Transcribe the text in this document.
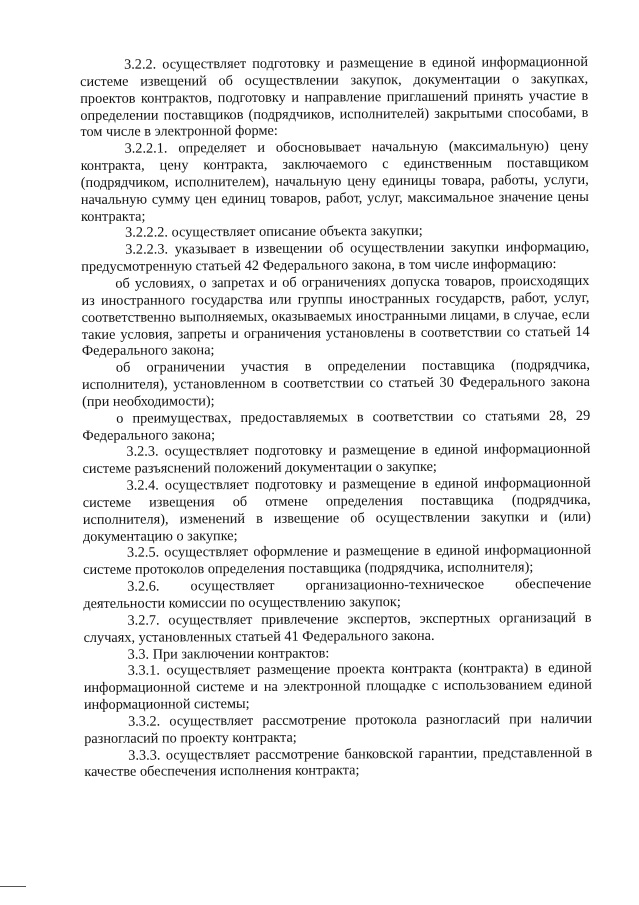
3.2.2. осуществляет подготовку и размещение в единой информационной системе извещений об осуществлении закупок, документации о закупках, проектов контрактов, подготовку и направление приглашений принять участие в определении поставщиков (подрядчиков, исполнителей) закрытыми способами, в том числе в электронной форме:

3.2.2.1. определяет и обосновывает начальную (максимальную) цену контракта, цену контракта, заключаемого с единственным поставщиком (подрядчиком, исполнителем), начальную цену единицы товара, работы, услуги, начальную сумму цен единиц товаров, работ, услуг, максимальное значение цены контракта;

3.2.2.2. осуществляет описание объекта закупки;

3.2.2.3. указывает в извещении об осуществлении закупки информацию, предусмотренную статьей 42 Федерального закона, в том числе информацию:

об условиях, о запретах и об ограничениях допуска товаров, происходящих из иностранного государства или группы иностранных государств, работ, услуг, соответственно выполняемых, оказываемых иностранными лицами, в случае, если такие условия, запреты и ограничения установлены в соответствии со статьей 14 Федерального закона;

об ограничении участия в определении поставщика (подрядчика, исполнителя), установленном в соответствии со статьей 30 Федерального закона (при необходимости);

о преимуществах, предоставляемых в соответствии со статьями 28, 29 Федерального закона;

3.2.3. осуществляет подготовку и размещение в единой информационной системе разъяснений положений документации о закупке;

3.2.4. осуществляет подготовку и размещение в единой информационной системе извещения об отмене определения поставщика (подрядчика, исполнителя), изменений в извещение об осуществлении закупки и (или) документацию о закупке;

3.2.5. осуществляет оформление и размещение в единой информационной системе протоколов определения поставщика (подрядчика, исполнителя);

3.2.6. осуществляет организационно-техническое обеспечение деятельности комиссии по осуществлению закупок;

3.2.7. осуществляет привлечение экспертов, экспертных организаций в случаях, установленных статьей 41 Федерального закона.

3.3. При заключении контрактов:

3.3.1. осуществляет размещение проекта контракта (контракта) в единой информационной системе и на электронной площадке с использованием единой информационной системы;

3.3.2. осуществляет рассмотрение протокола разногласий при наличии разногласий по проекту контракта;

3.3.3. осуществляет рассмотрение банковской гарантии, представленной в качестве обеспечения исполнения контракта;
